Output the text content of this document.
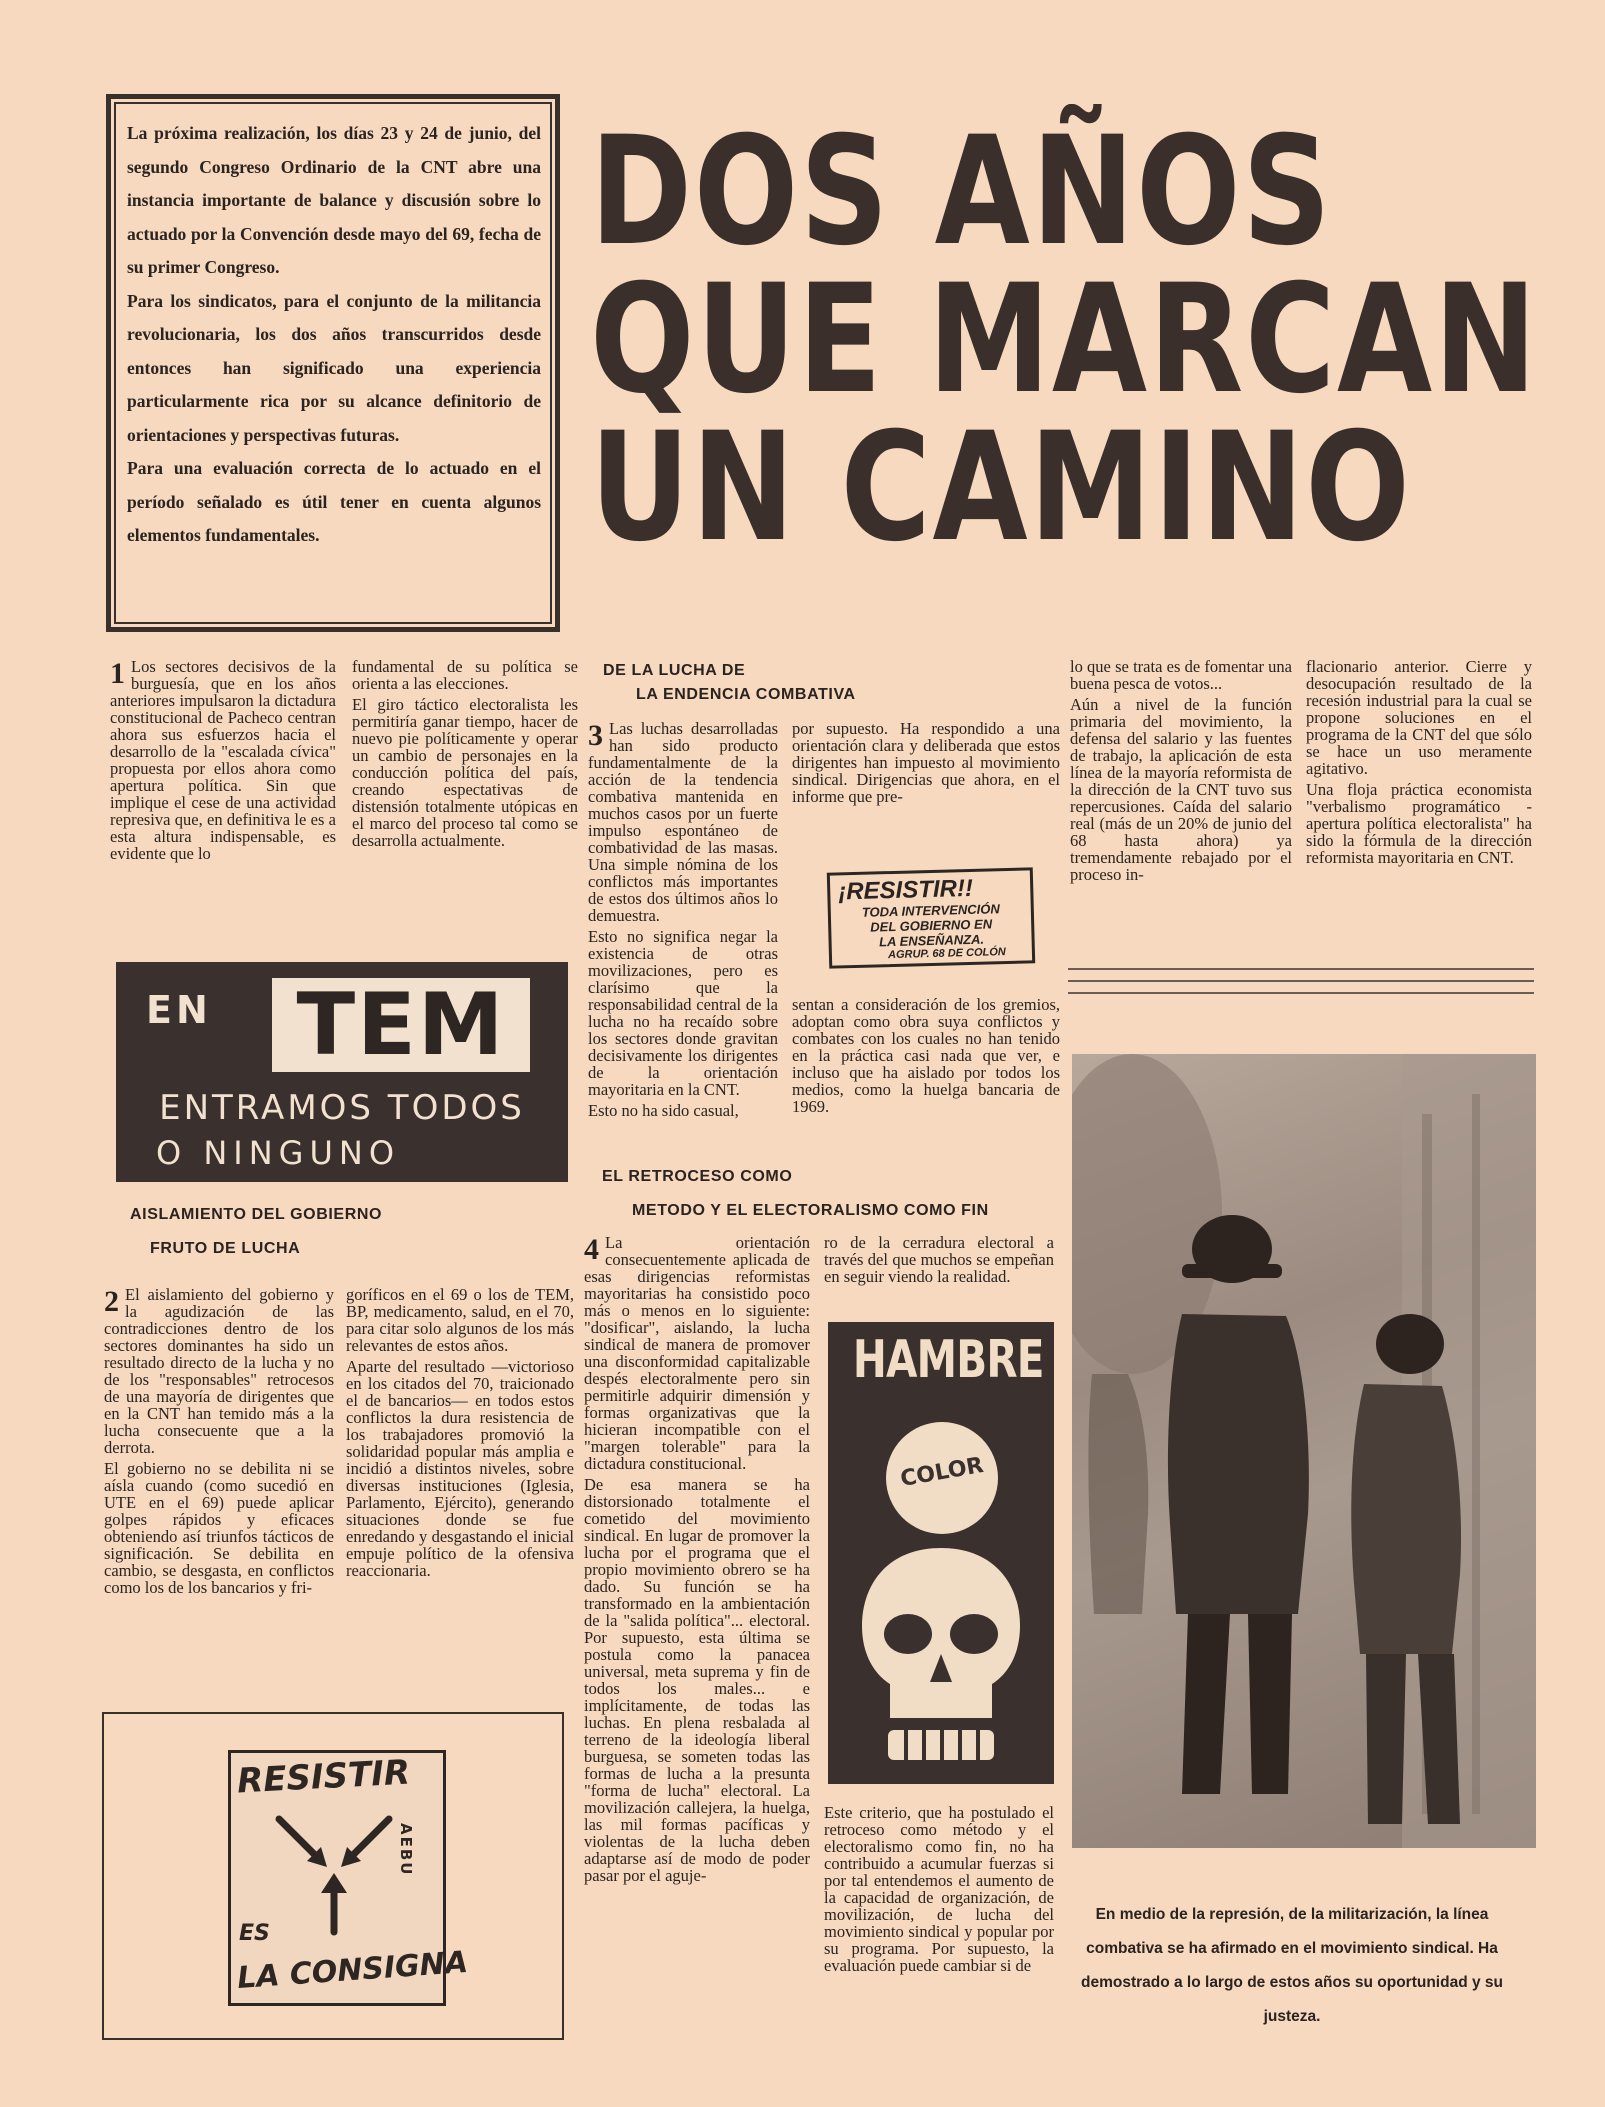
La próxima realización, los días 23 y 24 de junio, del segundo Congreso Ordinario de la CNT abre una instancia importante de balance y discusión sobre lo actuado por la Convención desde mayo del 69, fecha de su primer Congreso.

Para los sindicatos, para el conjunto de la militancia revolucionaria, los dos años transcurridos desde entonces han significado una experiencia particularmente rica por su alcance definitorio de orientaciones y perspectivas futuras.

Para una evaluación correcta de lo actuado en el período señalado es útil tener en cuenta algunos elementos fundamentales.

DOS AÑOS
QUE MARCAN
UN CAMINO

1 Los sectores decisivos de la burguesía, que en los años anteriores impulsaron la dictadura constitucional de Pacheco centran ahora sus esfuerzos hacia el desarrollo de la "escalada cívica" propuesta por ellos ahora como apertura política. Sin que implique el cese de una actividad represiva que, en definitiva le es a esta altura indispensable, es evidente que lo

fundamental de su política se orienta a las elecciones.

El giro táctico electoralista les permitiría ganar tiempo, hacer de nuevo pie políticamente y operar un cambio de personajes en la conducción política del país, creando espectativas de distensión totalmente utópicas en el marco del proceso tal como se desarrolla actualmente.

DE LA LUCHA DE
LA ENDENCIA COMBATIVA

3 Las luchas desarrolladas han sido producto fundamentalmente de la acción de la tendencia combativa mantenida en muchos casos por un fuerte impulso espontáneo de combatividad de las masas. Una simple nómina de los conflictos más importantes de estos dos últimos años lo demuestra.

Esto no significa negar la existencia de otras movilizaciones, pero es clarísimo que la responsabilidad central de la lucha no ha recaído sobre los sectores donde gravitan decisivamente los dirigentes de la orientación mayoritaria en la CNT.

Esto no ha sido casual,

por supuesto. Ha respondido a una orientación clara y deliberada que estos dirigentes han impuesto al movimiento sindical. Dirigencias que ahora, en el informe que pre-

¡RESISTIR!!
TODA INTERVENCIÓN
DEL GOBIERNO EN
LA ENSEÑANZA.
AGRUP. 68 DE COLÓN

sentan a consideración de los gremios, adoptan como obra suya conflictos y combates con los cuales no han tenido en la práctica casi nada que ver, e incluso que ha aislado por todos los medios, como la huelga bancaria de 1969.

lo que se trata es de fomentar una buena pesca de votos...

Aún a nivel de la función primaria del movimiento, la defensa del salario y las fuentes de trabajo, la aplicación de esta línea de la mayoría reformista de la dirección de la CNT tuvo sus repercusiones. Caída del salario real (más de un 20% de junio del 68 hasta ahora) ya tremendamente rebajado por el proceso in-

flacionario anterior. Cierre y desocupación resultado de la recesión industrial para la cual se propone soluciones en el programa de la CNT del que sólo se hace un uso meramente agitativo.

Una floja práctica economista "verbalismo programático - apertura política electoralista" ha sido la fórmula de la dirección reformista mayoritaria en CNT.

EN TEM
ENTRAMOS TODOS
O NINGUNO
AISLAMIENTO DEL GOBIERNO
FRUTO DE LUCHA

2 El aislamiento del gobierno y la agudización de las contradicciones dentro de los sectores dominantes ha sido un resultado directo de la lucha y no de los "responsables" retrocesos de una mayoría de dirigentes que en la CNT han temido más a la lucha consecuente que a la derrota.

El gobierno no se debilita ni se aísla cuando (como sucedió en UTE en el 69) puede aplicar golpes rápidos y eficaces obteniendo así triunfos tácticos de significación. Se debilita en cambio, se desgasta, en conflictos como los de los bancarios y fri-

goríficos en el 69 o los de TEM, BP, medicamento, salud, en el 70, para citar solo algunos de los más relevantes de estos años.

Aparte del resultado —victorioso en los citados del 70, traicionado el de bancarios— en todos estos conflictos la dura resistencia de los trabajadores promovió la solidaridad popular más amplia e incidió a distintos niveles, sobre diversas instituciones (Iglesia, Parlamento, Ejército), generando situaciones donde se fue enredando y desgastando el inicial empuje político de la ofensiva reaccionaria.

RESISTIR
AEBU
ES
LA CONSIGNA
EL RETROCESO COMO
METODO Y EL ELECTORALISMO COMO FIN

4 La orientación consecuentemente aplicada de esas dirigencias reformistas mayoritarias ha consistido poco más o menos en lo siguiente: "dosificar", aislando, la lucha sindical de manera de promover una disconformidad capitalizable despés electoralmente pero sin permitirle adquirir dimensión y formas organizativas que la hicieran incompatible con el "margen tolerable" para la dictadura constitucional.

De esa manera se ha distorsionado totalmente el cometido del movimiento sindical. En lugar de promover la lucha por el programa que el propio movimiento obrero se ha dado. Su función se ha transformado en la ambientación de la "salida política"... electoral. Por supuesto, esta última se postula como la panacea universal, meta suprema y fin de todos los males... e implícitamente, de todas las luchas. En plena resbalada al terreno de la ideología liberal burguesa, se someten todas las formas de lucha a la presunta "forma de lucha" electoral. La movilización callejera, la huelga, las mil formas pacíficas y violentas de la lucha deben adaptarse así de modo de poder pasar por el aguje-

ro de la cerradura electoral a través del que muchos se empeñan en seguir viendo la realidad.

HAMBRE
COLOR

Este criterio, que ha postulado el retroceso como método y el electoralismo como fin, no ha contribuido a acumular fuerzas si por tal entendemos el aumento de la capacidad de organización, de movilización, de lucha del movimiento sindical y popular por su programa. Por supuesto, la evaluación puede cambiar si de

En medio de la represión, de la militarización, la línea combativa se ha afirmado en el movimiento sindical. Ha demostrado a lo largo de estos años su oportunidad y su justeza.
